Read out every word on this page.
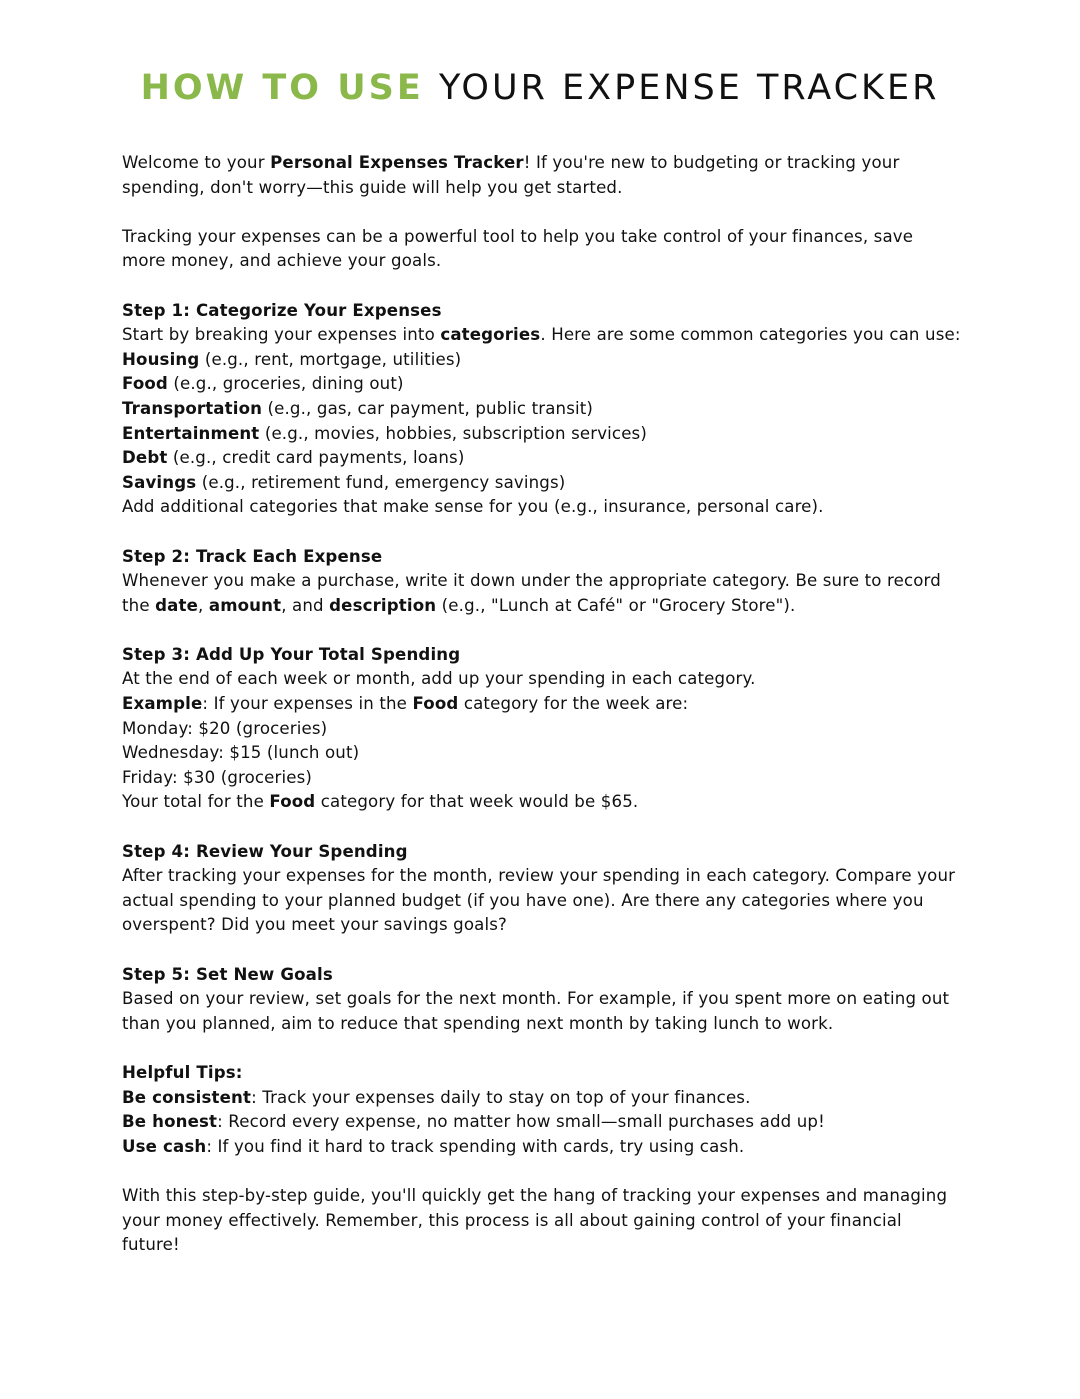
HOW TO USE YOUR EXPENSE TRACKER

Welcome to your Personal Expenses Tracker! If you're new to budgeting or tracking your spending, don't worry—this guide will help you get started.

Tracking your expenses can be a powerful tool to help you take control of your finances, save more money, and achieve your goals.

Step 1: Categorize Your Expenses

Start by breaking your expenses into categories. Here are some common categories you can use:

Housing (e.g., rent, mortgage, utilities)

Food (e.g., groceries, dining out)

Transportation (e.g., gas, car payment, public transit)

Entertainment (e.g., movies, hobbies, subscription services)

Debt (e.g., credit card payments, loans)

Savings (e.g., retirement fund, emergency savings)

Add additional categories that make sense for you (e.g., insurance, personal care).

Step 2: Track Each Expense

Whenever you make a purchase, write it down under the appropriate category. Be sure to record the date, amount, and description (e.g., "Lunch at Café" or "Grocery Store").

Step 3: Add Up Your Total Spending

At the end of each week or month, add up your spending in each category.

Example: If your expenses in the Food category for the week are:

Monday: $20 (groceries)

Wednesday: $15 (lunch out)

Friday: $30 (groceries)

Your total for the Food category for that week would be $65.

Step 4: Review Your Spending

After tracking your expenses for the month, review your spending in each category. Compare your actual spending to your planned budget (if you have one). Are there any categories where you overspent? Did you meet your savings goals?

Step 5: Set New Goals

Based on your review, set goals for the next month. For example, if you spent more on eating out than you planned, aim to reduce that spending next month by taking lunch to work.

Helpful Tips:

Be consistent: Track your expenses daily to stay on top of your finances.

Be honest: Record every expense, no matter how small—small purchases add up!

Use cash: If you find it hard to track spending with cards, try using cash.

With this step-by-step guide, you'll quickly get the hang of tracking your expenses and managing your money effectively. Remember, this process is all about gaining control of your financial future!
